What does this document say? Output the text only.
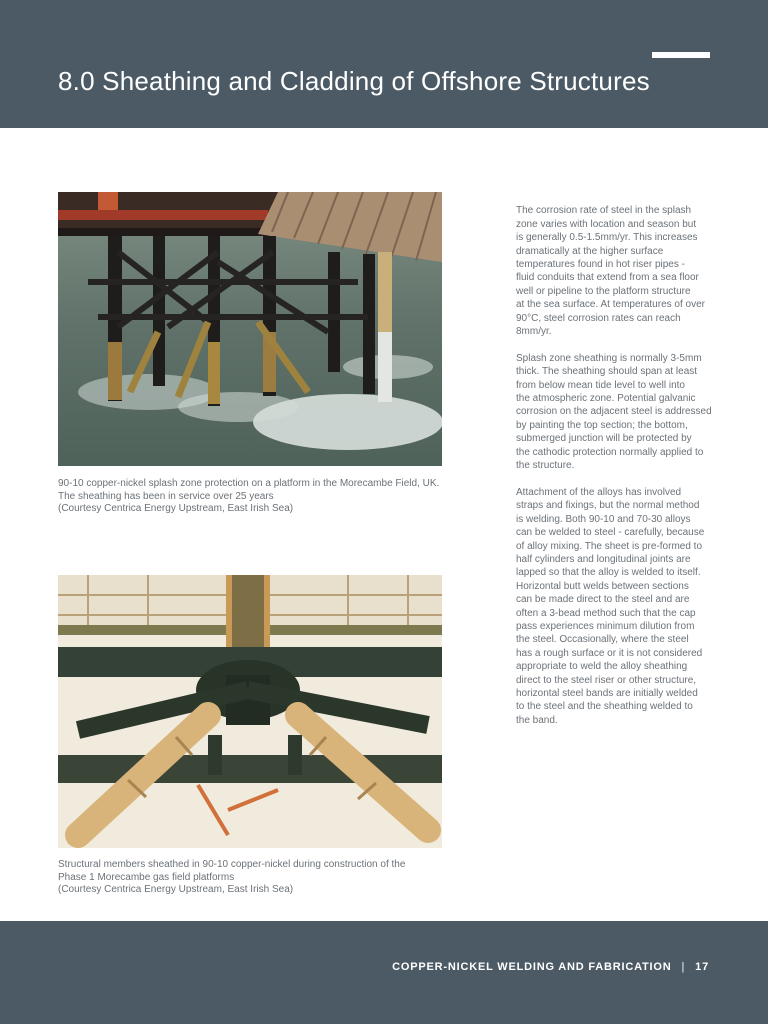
8.0 Sheathing and Cladding of Offshore Structures
90-10 copper-nickel splash zone protection on a platform in the Morecambe Field, UK.
The sheathing has been in service over 25 years
(Courtesy Centrica Energy Upstream, East Irish Sea)
Structural members sheathed in 90-10 copper-nickel during construction of the
Phase 1 Morecambe gas field platforms
(Courtesy Centrica Energy Upstream, East Irish Sea)

The corrosion rate of steel in the splash
zone varies with location and season but
is generally 0.5-1.5mm/yr. This increases
dramatically at the higher surface
temperatures found in hot riser pipes -
fluid conduits that extend from a sea floor
well or pipeline to the platform structure
at the sea surface. At temperatures of over
90°C, steel corrosion rates can reach 8mm/yr.

Splash zone sheathing is normally 3-5mm
thick. The sheathing should span at least
from below mean tide level to well into
the atmospheric zone. Potential galvanic
corrosion on the adjacent steel is addressed
by painting the top section; the bottom,
submerged junction will be protected by
the cathodic protection normally applied to
the structure.

Attachment of the alloys has involved
straps and fixings, but the normal method
is welding. Both 90-10 and 70-30 alloys
can be welded to steel - carefully, because
of alloy mixing. The sheet is pre-formed to
half cylinders and longitudinal joints are
lapped so that the alloy is welded to itself.
Horizontal butt welds between sections
can be made direct to the steel and are
often a 3-bead method such that the cap
pass experiences minimum dilution from
the steel. Occasionally, where the steel
has a rough surface or it is not considered
appropriate to weld the alloy sheathing
direct to the steel riser or other structure,
horizontal steel bands are initially welded
to the steel and the sheathing welded to
the band.

COPPER-NICKEL WELDING AND FABRICATION | 17
